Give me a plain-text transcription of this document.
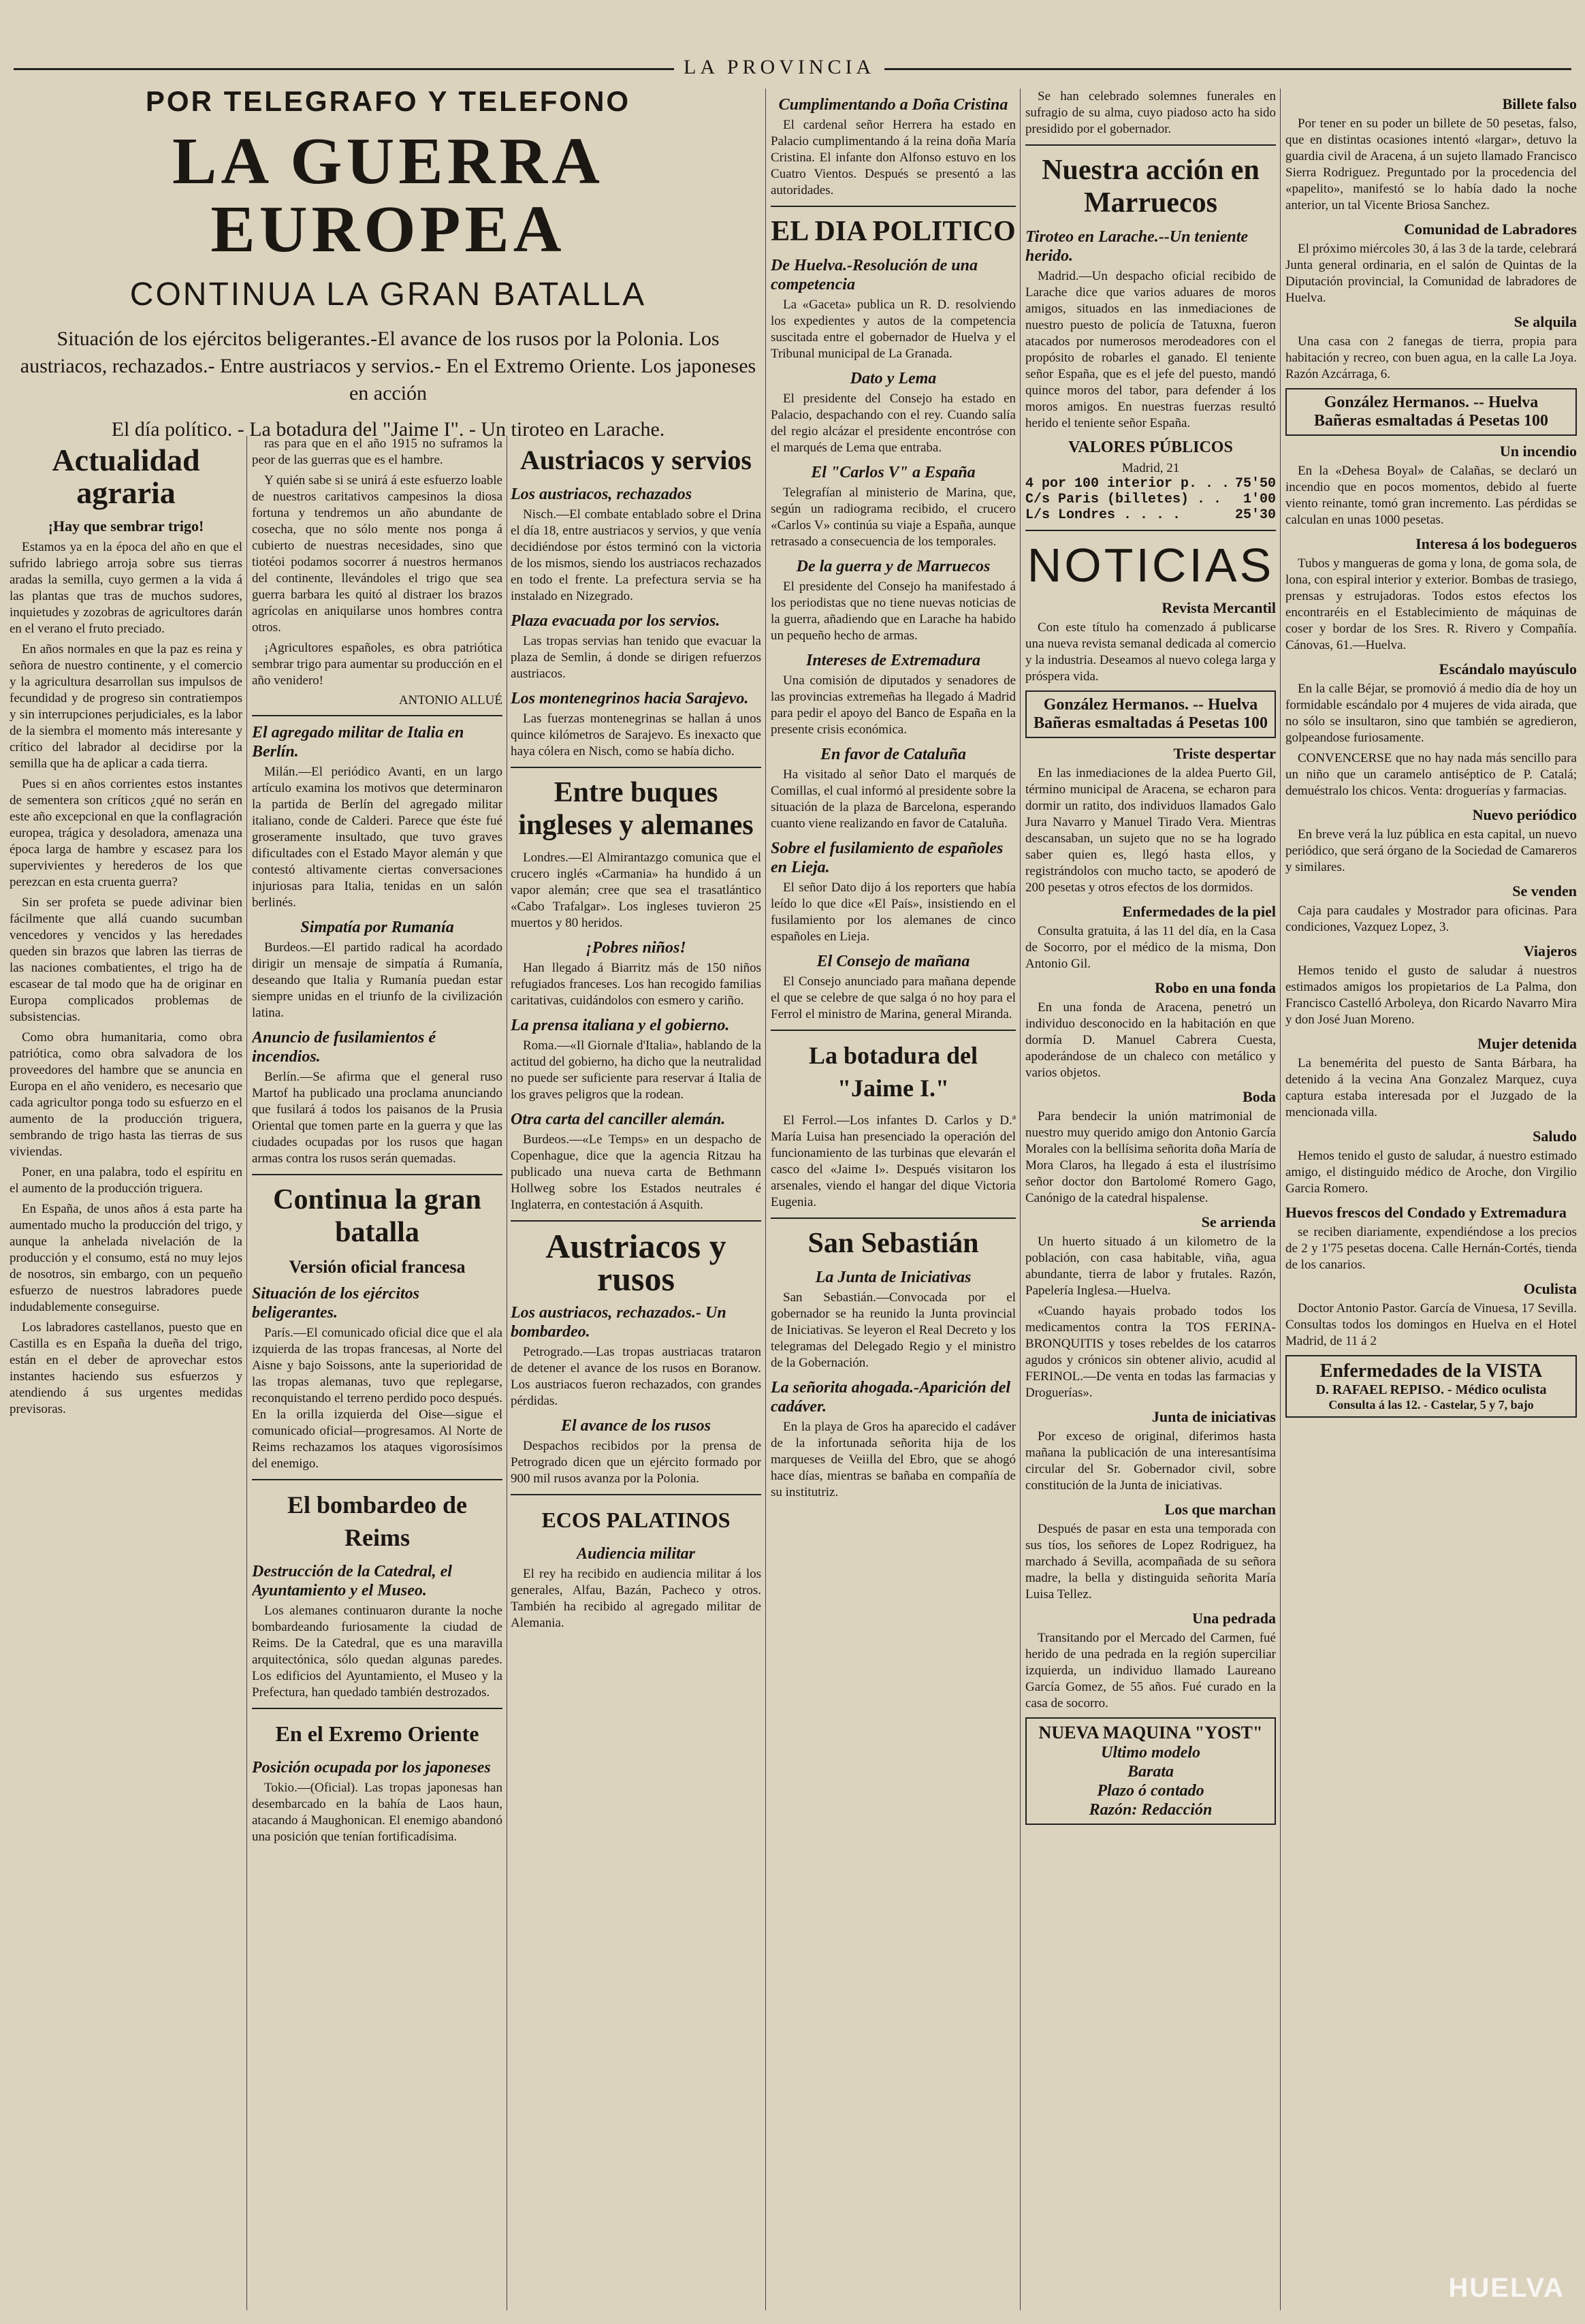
LA PROVINCIA

POR TELEGRAFO Y TELEFONO

LA GUERRA EUROPEA

CONTINUA LA GRAN BATALLA

Situación de los ejércitos beligerantes.-El avance de los rusos por la Polonia. Los austriacos, rechazados.- Entre austriacos y servios.- En el Extremo Oriente. Los japoneses en acción

El día político. - La botadura del "Jaime I". - Un tiroteo en Larache.

Actualidad agraria
¡Hay que sembrar trigo!

Estamos ya en la época del año en que el sufrido labriego arroja sobre sus tierras aradas la semilla, cuyo germen a la vida á las plantas que tras de muchos sudores, inquietudes y zozobras de agricultores darán en el verano el fruto preciado.

En años normales en que la paz es reina y señora de nuestro continente, y el comercio y la agricultura desarrollan sus impulsos de fecundidad y de progreso sin contratiempos y sin interrupciones perjudiciales, es la labor de la siembra el momento más interesante y crítico del labrador al decidirse por la semilla que ha de aplicar a cada tierra.

Pues si en años corrientes estos instantes de sementera son críticos ¿qué no serán en este año excepcional en que la conflagración europea, trágica y desoladora, amenaza una época larga de hambre y escasez para los supervivientes y herederos de los que perezcan en esta cruenta guerra?

Sin ser profeta se puede adivinar bien fácilmente que allá cuando sucumban vencedores y vencidos y las heredades queden sin brazos que labren las tierras de las naciones combatientes, el trigo ha de escasear de tal modo que ha de originar en Europa complicados problemas de subsistencias.

Como obra humanitaria, como obra patriótica, como obra salvadora de los proveedores del hambre que se anuncia en Europa en el año venidero, es necesario que cada agricultor ponga todo su esfuerzo en el aumento de la producción triguera, sembrando de trigo hasta las tierras de sus viviendas.

Poner, en una palabra, todo el espíritu en el aumento de la producción triguera.

En España, de unos años á esta parte ha aumentado mucho la producción del trigo, y aunque la anhelada nivelación de la producción y el consumo, está no muy lejos de nosotros, sin embargo, con un pequeño esfuerzo de nuestros labradores puede indudablemente conseguirse.

Los labradores castellanos, puesto que en Castilla es en España la dueña del trigo, están en el deber de aprovechar estos instantes haciendo sus esfuerzos y atendiendo á sus urgentes medidas previsoras.

ras para que en el año 1915 no suframos la peor de las guerras que es el hambre.

Y quién sabe si se unirá á este esfuerzo loable de nuestros caritativos campesinos la diosa fortuna y tendremos un año abundante de cosecha, que no sólo mente nos ponga á cubierto de nuestras necesidades, sino que tiotéoi podamos socorrer á nuestros hermanos del continente, llevándoles el trigo que sea guerra barbara les quitó al distraer los brazos agrícolas en aniquilarse unos hombres contra otros.

¡Agricultores españoles, es obra patriótica sembrar trigo para aumentar su producción en el año venidero!

ANTONIO ALLUÉ
El agregado militar de Italia en Berlín.

Milán.—El periódico Avanti, en un largo artículo examina los motivos que determinaron la partida de Berlín del agregado militar italiano, conde de Calderi. Parece que éste fué groseramente insultado, que tuvo graves dificultades con el Estado Mayor alemán y que contestó altivamente ciertas conversaciones injuriosas para Italia, tenidas en un salón berlinés.

Simpatía por Rumanía

Burdeos.—El partido radical ha acordado dirigir un mensaje de simpatía á Rumanía, deseando que Italia y Rumanía puedan estar siempre unidas en el triunfo de la civilización latina.

Anuncio de fusilamientos é incendios.

Berlín.—Se afirma que el general ruso Martof ha publicado una proclama anunciando que fusilará á todos los paisanos de la Prusia Oriental que tomen parte en la guerra y que las ciudades ocupadas por los rusos que hagan armas contra los rusos serán quemadas.

Continua la gran batalla
Versión oficial francesa
Situación de los ejércitos beligerantes.

París.—El comunicado oficial dice que el ala izquierda de las tropas francesas, al Norte del Aisne y bajo Soissons, ante la superioridad de las tropas alemanas, tuvo que replegarse, reconquistando el terreno perdido poco después. En la orilla izquierda del Oise—sigue el comunicado oficial—progresamos. Al Norte de Reims rechazamos los ataques vigorosísimos del enemigo.

El bombardeo de Reims
Destrucción de la Catedral, el Ayuntamiento y el Museo.

Los alemanes continuaron durante la noche bombardeando furiosamente la ciudad de Reims. De la Catedral, que es una maravilla arquitectónica, sólo quedan algunas paredes. Los edificios del Ayuntamiento, el Museo y la Prefectura, han quedado también destrozados.

En el Exremo Oriente
Posición ocupada por los japoneses

Tokio.—(Oficial). Las tropas japonesas han desembarcado en la bahía de Laos haun, atacando á Maughonican. El enemigo abandonó una posición que tenían fortificadísima.

Austriacos y servios
Los austriacos, rechazados

Nisch.—El combate entablado sobre el Drina el día 18, entre austriacos y servios, y que venía decidiéndose por éstos terminó con la victoria de los mismos, siendo los austriacos rechazados en todo el frente. La prefectura servia se ha instalado en Nizegrado.

Plaza evacuada por los servios.

Las tropas servias han tenido que evacuar la plaza de Semlin, á donde se dirigen refuerzos austriacos.

Los montenegrinos hacia Sarajevo.

Las fuerzas montenegrinas se hallan á unos quince kilómetros de Sarajevo. Es inexacto que haya cólera en Nisch, como se había dicho.

Entre buques ingleses y alemanes

Londres.—El Almirantazgo comunica que el crucero inglés «Carmania» ha hundido á un vapor alemán; cree que sea el trasatlántico «Cabo Trafalgar». Los ingleses tuvieron 25 muertos y 80 heridos.

¡Pobres niños!

Han llegado á Biarritz más de 150 niños refugiados franceses. Los han recogido familias caritativas, cuidándolos con esmero y cariño.

La prensa italiana y el gobierno.

Roma.—«Il Giornale d'Italia», hablando de la actitud del gobierno, ha dicho que la neutralidad no puede ser suficiente para reservar á Italia de los graves peligros que la rodean.

Otra carta del canciller alemán.

Burdeos.—«Le Temps» en un despacho de Copenhague, dice que la agencia Ritzau ha publicado una nueva carta de Bethmann Hollweg sobre los Estados neutrales é Inglaterra, en contestación á Asquith.

Austriacos y rusos
Los austriacos, rechazados.- Un bombardeo.

Petrogrado.—Las tropas austriacas trataron de detener el avance de los rusos en Boranow. Los austriacos fueron rechazados, con grandes pérdidas.

El avance de los rusos

Despachos recibidos por la prensa de Petrogrado dicen que un ejército formado por 900 mil rusos avanza por la Polonia.

ECOS PALATINOS
Audiencia militar

El rey ha recibido en audiencia militar á los generales, Alfau, Bazán, Pacheco y otros. También ha recibido al agregado militar de Alemania.

Cumplimentando a Doña Cristina

El cardenal señor Herrera ha estado en Palacio cumplimentando á la reina doña María Cristina. El infante don Alfonso estuvo en los Cuatro Vientos. Después se presentó a las autoridades.

EL DIA POLITICO
De Huelva.-Resolución de una competencia

La «Gaceta» publica un R. D. resolviendo los expedientes y autos de la competencia suscitada entre el gobernador de Huelva y el Tribunal municipal de La Granada.

Dato y Lema

El presidente del Consejo ha estado en Palacio, despachando con el rey. Cuando salía del regio alcázar el presidente encontróse con el marqués de Lema que entraba.

El "Carlos V" a España

Telegrafían al ministerio de Marina, que, según un radiograma recibido, el crucero «Carlos V» continúa su viaje a España, aunque retrasado a consecuencia de los temporales.

De la guerra y de Marruecos

El presidente del Consejo ha manifestado á los periodistas que no tiene nuevas noticias de la guerra, añadiendo que en Larache ha habido un pequeño hecho de armas.

Intereses de Extremadura

Una comisión de diputados y senadores de las provincias extremeñas ha llegado á Madrid para pedir el apoyo del Banco de España en la presente crisis económica.

En favor de Cataluña

Ha visitado al señor Dato el marqués de Comillas, el cual informó al presidente sobre la situación de la plaza de Barcelona, esperando cuanto viene realizando en favor de Cataluña.

Sobre el fusilamiento de españoles en Lieja.

El señor Dato dijo á los reporters que había leído lo que dice «El País», insistiendo en el fusilamiento por los alemanes de cinco españoles en Lieja.

El Consejo de mañana

El Consejo anunciado para mañana depende el que se celebre de que salga ó no hoy para el Ferrol el ministro de Marina, general Miranda.

La botadura del "Jaime I."

El Ferrol.—Los infantes D. Carlos y D.ª María Luisa han presenciado la operación del funcionamiento de las turbinas que elevarán el casco del «Jaime I». Después visitaron los arsenales, viendo el hangar del dique Victoria Eugenia.

San Sebastián
La Junta de Iniciativas

San Sebastián.—Convocada por el gobernador se ha reunido la Junta provincial de Iniciativas. Se leyeron el Real Decreto y los telegramas del Delegado Regio y el ministro de la Gobernación.

La señorita ahogada.-Aparición del cadáver.

En la playa de Gros ha aparecido el cadáver de la infortunada señorita hija de los marqueses de Veiilla del Ebro, que se ahogó hace días, mientras se bañaba en compañía de su institutriz.

Se han celebrado solemnes funerales en sufragio de su alma, cuyo piadoso acto ha sido presidido por el gobernador.

Nuestra acción en Marruecos
Tiroteo en Larache.--Un teniente herido.

Madrid.—Un despacho oficial recibido de Larache dice que varios aduares de moros amigos, situados en las inmediaciones de nuestro puesto de policía de Tatuxna, fueron atacados por numerosos merodeadores con el propósito de robarles el ganado. El teniente señor España, que es el jefe del puesto, mandó quince moros del tabor, para defender á los moros amigos. En nuestras fuerzas resultó herido el teniente señor España.

VALORES PÚBLICOS
Madrid, 21
4 por 100 interior p. . . 75'50
C/s Paris (billetes) . . 1'00
L/s Londres . . . .	25'30
NOTICIAS
Revista Mercantil

Con este título ha comenzado á publicarse una nueva revista semanal dedicada al comercio y la industria. Deseamos al nuevo colega larga y próspera vida.

González Hermanos. -- Huelva
Bañeras esmaltadas á Pesetas 100
Triste despertar

En las inmediaciones de la aldea Puerto Gil, término municipal de Aracena, se echaron para dormir un ratito, dos individuos llamados Galo Jura Navarro y Manuel Tirado Vera. Mientras descansaban, un sujeto que no se ha logrado saber quien es, llegó hasta ellos, y registrándolos con mucho tacto, se apoderó de 200 pesetas y otros efectos de los dormidos.

Enfermedades de la piel

Consulta gratuita, á las 11 del día, en la Casa de Socorro, por el médico de la misma, Don Antonio Gil.

Robo en una fonda

En una fonda de Aracena, penetró un individuo desconocido en la habitación en que dormía D. Manuel Cabrera Cuesta, apoderándose de un chaleco con metálico y varios objetos.

Boda

Para bendecir la unión matrimonial de nuestro muy querido amigo don Antonio García Morales con la bellísima señorita doña María de Mora Claros, ha llegado á esta el ilustrísimo señor doctor don Bartolomé Romero Gago, Canónigo de la catedral hispalense.

Se arrienda

Un huerto situado á un kilometro de la población, con casa habitable, viña, agua abundante, tierra de labor y frutales. Razón, Papelería Inglesa.—Huelva.

«Cuando hayais probado todos los medicamentos contra la TOS FERINA-BRONQUITIS y toses rebeldes de los catarros agudos y crónicos sin obtener alivio, acudid al FERINOL.—De venta en todas las farmacias y Droguerías».

Junta de iniciativas

Por exceso de original, diferimos hasta mañana la publicación de una interesantísima circular del Sr. Gobernador civil, sobre constitución de la Junta de iniciativas.

Los que marchan

Después de pasar en esta una temporada con sus tíos, los señores de Lopez Rodriguez, ha marchado á Sevilla, acompañada de su señora madre, la bella y distinguida señorita María Luisa Tellez.

Una pedrada

Transitando por el Mercado del Carmen, fué herido de una pedrada en la región superciliar izquierda, un individuo llamado Laureano García Gomez, de 55 años. Fué curado en la casa de socorro.

NUEVA MAQUINA "YOST"
Ultimo modelo
Barata
Plazo ó contado
Razón: Redacción
Billete falso

Por tener en su poder un billete de 50 pesetas, falso, que en distintas ocasiones intentó «largar», detuvo la guardia civil de Aracena, á un sujeto llamado Francisco Sierra Rodriguez. Preguntado por la procedencia del «papelito», manifestó se lo había dado la noche anterior, un tal Vicente Briosa Sanchez.

Comunidad de Labradores

El próximo miércoles 30, á las 3 de la tarde, celebrará Junta general ordinaria, en el salón de Quintas de la Diputación provincial, la Comunidad de labradores de Huelva.

Se alquila

Una casa con 2 fanegas de tierra, propia para habitación y recreo, con buen agua, en la calle La Joya. Razón Azcárraga, 6.

González Hermanos. -- Huelva
Bañeras esmaltadas á Pesetas 100
Un incendio

En la «Dehesa Boyal» de Calañas, se declaró un incendio que en pocos momentos, debido al fuerte viento reinante, tomó gran incremento. Las pérdidas se calculan en unas 1000 pesetas.

Interesa á los bodegueros

Tubos y mangueras de goma y lona, de goma sola, de lona, con espiral interior y exterior. Bombas de trasiego, prensas y estrujadoras. Todos estos efectos los encontraréis en el Establecimiento de máquinas de coser y bordar de los Sres. R. Rivero y Compañía. Cánovas, 61.—Huelva.

Escándalo mayúsculo

En la calle Béjar, se promovió á medio día de hoy un formidable escándalo por 4 mujeres de vida airada, que no sólo se insultaron, sino que también se agredieron, golpeandose furiosamente.

CONVENCERSE que no hay nada más sencillo para un niño que un caramelo antiséptico de P. Catalá; demuéstralo los chicos. Venta: droguerías y farmacias.

Nuevo periódico

En breve verá la luz pública en esta capital, un nuevo periódico, que será órgano de la Sociedad de Camareros y similares.

Se venden

Caja para caudales y Mostrador para oficinas. Para condiciones, Vazquez Lopez, 3.

Viajeros

Hemos tenido el gusto de saludar á nuestros estimados amigos los propietarios de La Palma, don Francisco Castelló Arboleya, don Ricardo Navarro Mira y don José Juan Moreno.

Mujer detenida

La benemérita del puesto de Santa Bárbara, ha detenido á la vecina Ana Gonzalez Marquez, cuya captura estaba interesada por el Juzgado de la mencionada villa.

Saludo

Hemos tenido el gusto de saludar, á nuestro estimado amigo, el distinguido médico de Aroche, don Virgilio Garcia Romero.

Huevos frescos del Condado y Extremadura

se reciben diariamente, expendiéndose a los precios de 2 y 1'75 pesetas docena. Calle Hernán-Cortés, tienda de los canarios.

Oculista

Doctor Antonio Pastor. García de Vinuesa, 17 Sevilla. Consultas todos los domingos en Huelva en el Hotel Madrid, de 11 á 2

Enfermedades de la VISTA
D. RAFAEL REPISO. - Médico oculista
Consulta á las 12. - Castelar, 5 y 7, bajo
HUELVA
